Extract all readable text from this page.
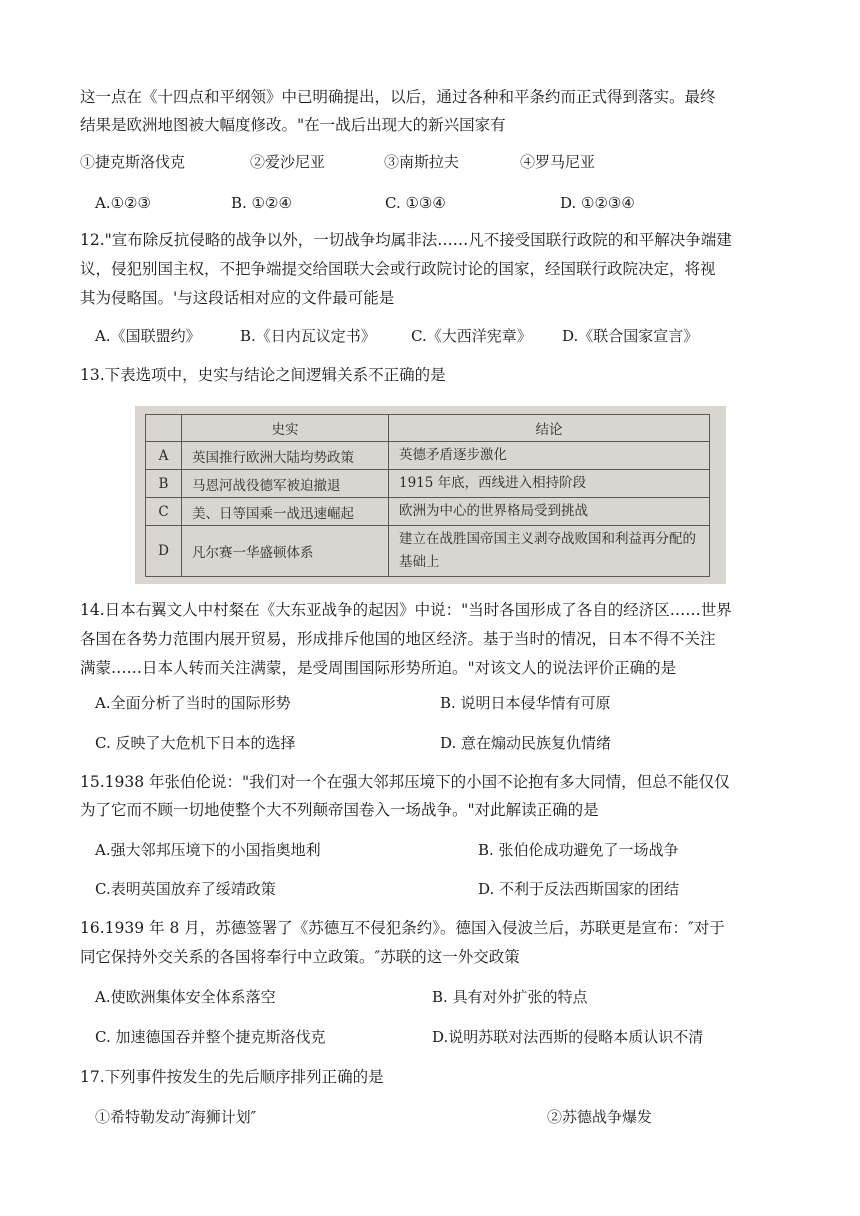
这一点在《十四点和平纲领》中已明确提出，以后，通过各种和平条约而正式得到落实。最终
结果是欧洲地图被大幅度修改。"在一战后出现大的新兴国家有
①捷克斯洛伐克	②爱沙尼亚	③南斯拉夫	④罗马尼亚
A.①②③	B. ①②④	C. ①③④	D. ①②③④
12."宣布除反抗侵略的战争以外，一切战争均属非法……凡不接受国联行政院的和平解决争端建
议，侵犯别国主权，不把争端提交给国联大会或行政院讨论的国家，经国联行政院决定，将视
其为侵略国。'与这段话相对应的文件最可能是
A.《国联盟约》	B.《日内瓦议定书》 C.《大西洋宪章》 D.《联合国家宣言》
13.下表选项中，史实与结论之间逻辑关系不正确的是
	史实	结论
A	英国推行欧洲大陆均势政策	英德矛盾逐步激化
B	马恩河战役德军被迫撤退	1915 年底，西线进入相持阶段
C	美、日等国乘一战迅速崛起	欧洲为中心的世界格局受到挑战
D	凡尔赛一华盛顿体系	建立在战胜国帝国主义剥夺战败国和利益再分配的基础上
14.日本右翼文人中村粲在《大东亚战争的起因》中说："当时各国形成了各自的经济区……世界
各国在各势力范围内展开贸易，形成排斥他国的地区经济。基于当时的情况，日本不得不关注
满蒙……日本人转而关注满蒙，是受周围国际形势所迫。"对该文人的说法评价正确的是
A.全面分析了当时的国际形势	B. 说明日本侵华情有可原
C. 反映了大危机下日本的选择	D. 意在煽动民族复仇情绪
15.1938 年张伯伦说："我们对一个在强大邻邦压境下的小国不论抱有多大同情，但总不能仅仅
为了它而不顾一切地使整个大不列颠帝国卷入一场战争。"对此解读正确的是
A.强大邻邦压境下的小国指奥地利	B. 张伯伦成功避免了一场战争
C.表明英国放弃了绥靖政策	D. 不利于反法西斯国家的团结
16.1939 年 8 月，苏德签署了《苏德互不侵犯条约》。德国入侵波兰后，苏联更是宣布：″对于
同它保持外交关系的各国将奉行中立政策。″苏联的这一外交政策
A.使欧洲集体安全体系落空	B. 具有对外扩张的特点
C. 加速德国吞并整个捷克斯洛伐克	D.说明苏联对法西斯的侵略本质认识不清
17.下列事件按发生的先后顺序排列正确的是
①希特勒发动″海狮计划″	②苏德战争爆发
